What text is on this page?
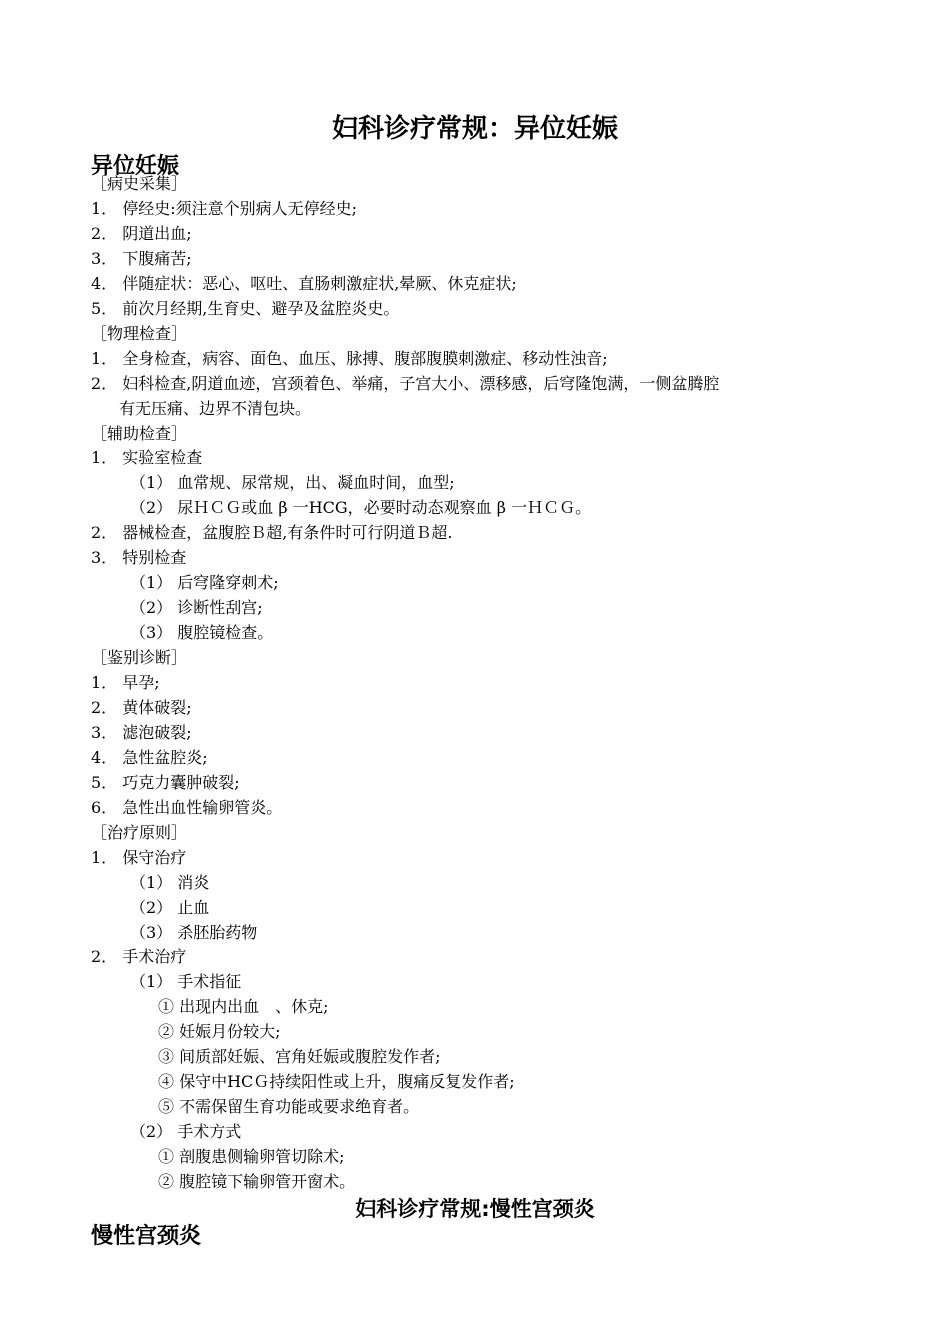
妇科诊疗常规：异位妊娠
异位妊娠
［病史采集］
1． 停经史:须注意个别病人无停经史;
2． 阴道出血;
3． 下腹痛苦;
4． 伴随症状：恶心、呕吐、直肠刺激症状,晕厥、休克症状;
5． 前次月经期,生育史、避孕及盆腔炎史。
［物理检查］
1． 全身检查，病容、面色、血压、脉搏、腹部腹膜刺激症、移动性浊音;
2． 妇科检查,阴道血迹，宫颈着色、举痛，子宫大小、漂移感，后穹隆饱满，一侧盆腾腔
有无压痛、边界不清包块。
［辅助检查］
1． 实验室检查
（1） 血常规、尿常规，出、凝血时间，血型;
（2） 尿ＨＣＧ或血 β 一HCG，必要时动态观察血 β 一ＨＣＧ。
2． 器械检查，盆腹腔Ｂ超,有条件时可行阴道Ｂ超.
3． 特别检查
（1） 后穹隆穿刺术;
（2） 诊断性刮宫;
（3） 腹腔镜检查。
［鉴别诊断］
1． 早孕;
2． 黄体破裂;
3． 滤泡破裂;
4． 急性盆腔炎;
5． 巧克力囊肿破裂;
6． 急性出血性输卵管炎。
［治疗原则］
1． 保守治疗
（1） 消炎
（2） 止血
（3） 杀胚胎药物
2． 手术治疗
（1） 手术指征
① 出现内出血　、休克;
② 妊娠月份较大;
③ 间质部妊娠、宫角妊娠或腹腔发作者;
④ 保守中HCＧ持续阳性或上升，腹痛反复发作者;
⑤ 不需保留生育功能或要求绝育者。
（2） 手术方式
① 剖腹患侧输卵管切除术;
② 腹腔镜下输卵管开窗术。
妇科诊疗常规:慢性宫颈炎
慢性宫颈炎
